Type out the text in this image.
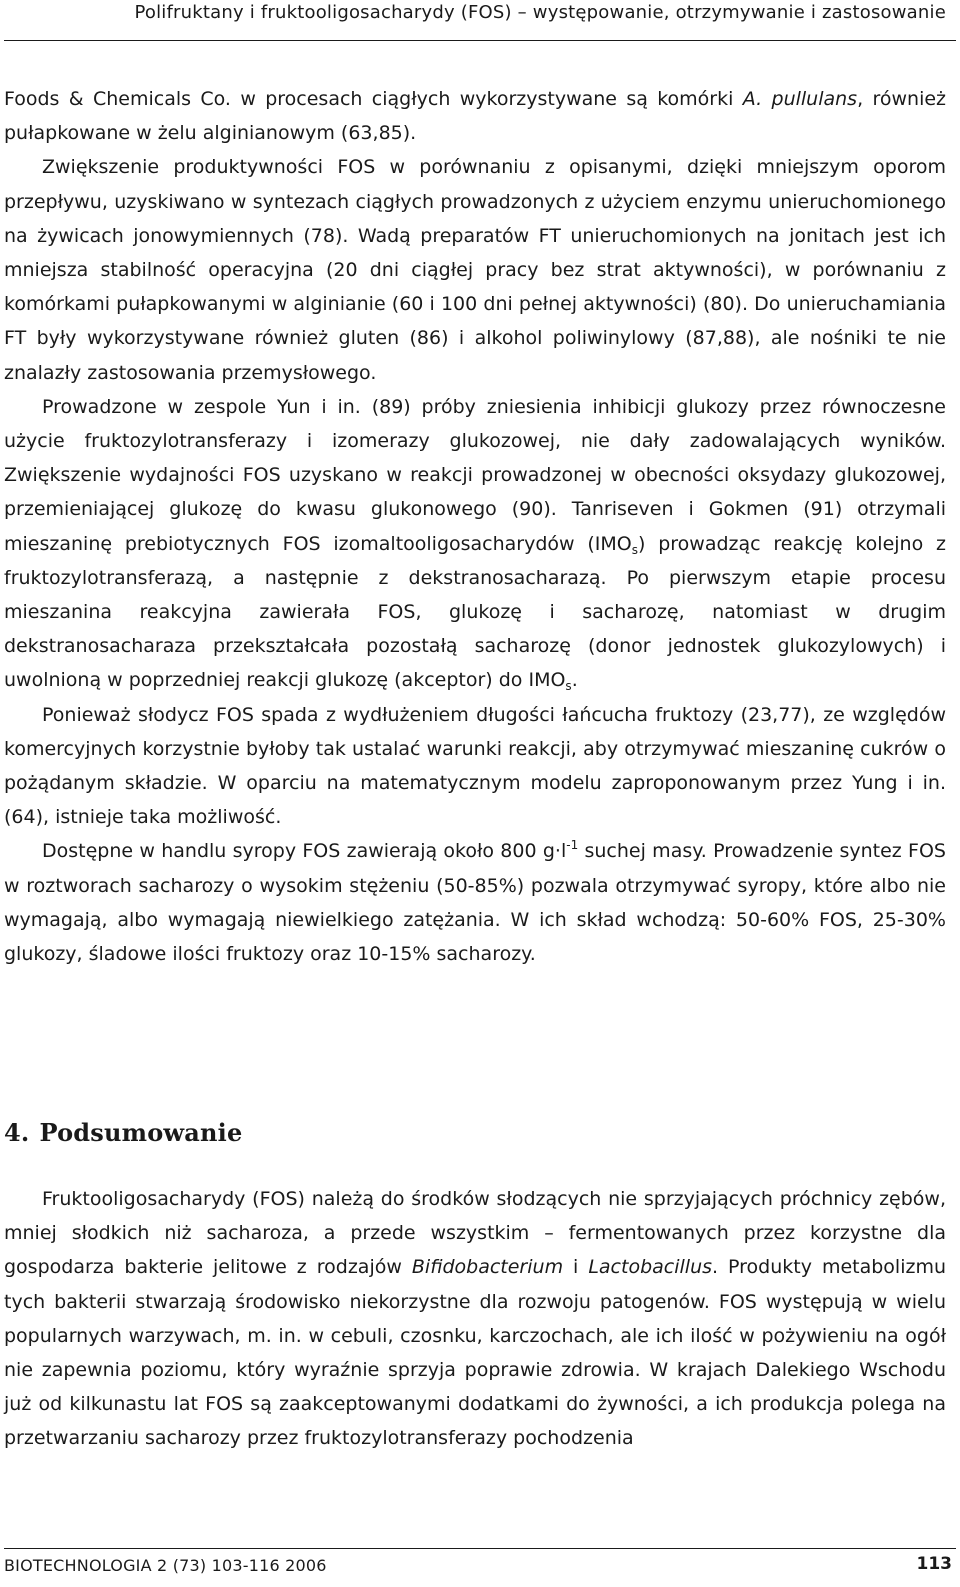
Polifruktany i fruktooligosacharydy (FOS) – występowanie, otrzymywanie i zastosowanie

Foods & Chemicals Co. w procesach ciągłych wykorzystywane są komórki A. pullulans, również pułapkowane w żelu alginianowym (63,85).

Zwiększenie produktywności FOS w porównaniu z opisanymi, dzięki mniejszym oporom przepływu, uzyskiwano w syntezach ciągłych prowadzonych z użyciem enzymu unieruchomionego na żywicach jonowymiennych (78). Wadą preparatów FT unieruchomionych na jonitach jest ich mniejsza stabilność operacyjna (20 dni ciągłej pracy bez strat aktywności), w porównaniu z komórkami pułapkowanymi w alginianie (60 i 100 dni pełnej aktywności) (80). Do unieruchamiania FT były wykorzystywane również gluten (86) i alkohol poliwinylowy (87,88), ale nośniki te nie znalazły zastosowania przemysłowego.

Prowadzone w zespole Yun i in. (89) próby zniesienia inhibicji glukozy przez równoczesne użycie fruktozylotransferazy i izomerazy glukozowej, nie dały zadowalających wyników. Zwiększenie wydajności FOS uzyskano w reakcji prowadzonej w obecności oksydazy glukozowej, przemieniającej glukozę do kwasu glukonowego (90). Tanriseven i Gokmen (91) otrzymali mieszaninę prebiotycznych FOS izomaltooligosacharydów $(IMO_s)$ prowadząc reakcję kolejno z fruktozylotransferazą, a następnie z dekstranosacharazą. Po pierwszym etapie procesu mieszanina reakcyjna zawierała FOS, glukozę i sacharozę, natomiast w drugim dekstranosacharaza przekształcała pozostałą sacharozę (donor jednostek glukozylowych) i uwolnioną w poprzedniej reakcji glukozę (akceptor) do $IMO_s$.

Ponieważ słodycz FOS spada z wydłużeniem długości łańcucha fruktozy (23,77), ze względów komercyjnych korzystnie byłoby tak ustalać warunki reakcji, aby otrzymywać mieszaninę cukrów o pożądanym składzie. W oparciu na matematycznym modelu zaproponowanym przez Yung i in. (64), istnieje taka możliwość.

Dostępne w handlu syropy FOS zawierają około 800 $g\cdot l^{-1}$ suchej masy. Prowadzenie syntez FOS w roztworach sacharozy o wysokim stężeniu (50-85%) pozwala otrzymywać syropy, które albo nie wymagają, albo wymagają niewielkiego zatężania. W ich skład wchodzą: 50-60% FOS, 25-30% glukozy, śladowe ilości fruktozy oraz 10-15% sacharozy.

4. Podsumowanie

Fruktooligosacharydy (FOS) należą do środków słodzących nie sprzyjających próchnicy zębów, mniej słodkich niż sacharoza, a przede wszystkim – fermentowanych przez korzystne dla gospodarza bakterie jelitowe z rodzajów Bifidobacterium i Lactobacillus. Produkty metabolizmu tych bakterii stwarzają środowisko niekorzystne dla rozwoju patogenów. FOS występują w wielu popularnych warzywach, m. in. w cebuli, czosnku, karczochach, ale ich ilość w pożywieniu na ogół nie zapewnia poziomu, który wyraźnie sprzyja poprawie zdrowia. W krajach Dalekiego Wschodu już od kilkunastu lat FOS są zaakceptowanymi dodatkami do żywności, a ich produkcja polega na przetwarzaniu sacharozy przez fruktozylotransferazy pochodzenia

BIOTECHNOLOGIA 2 (73) 103-116 2006	113
